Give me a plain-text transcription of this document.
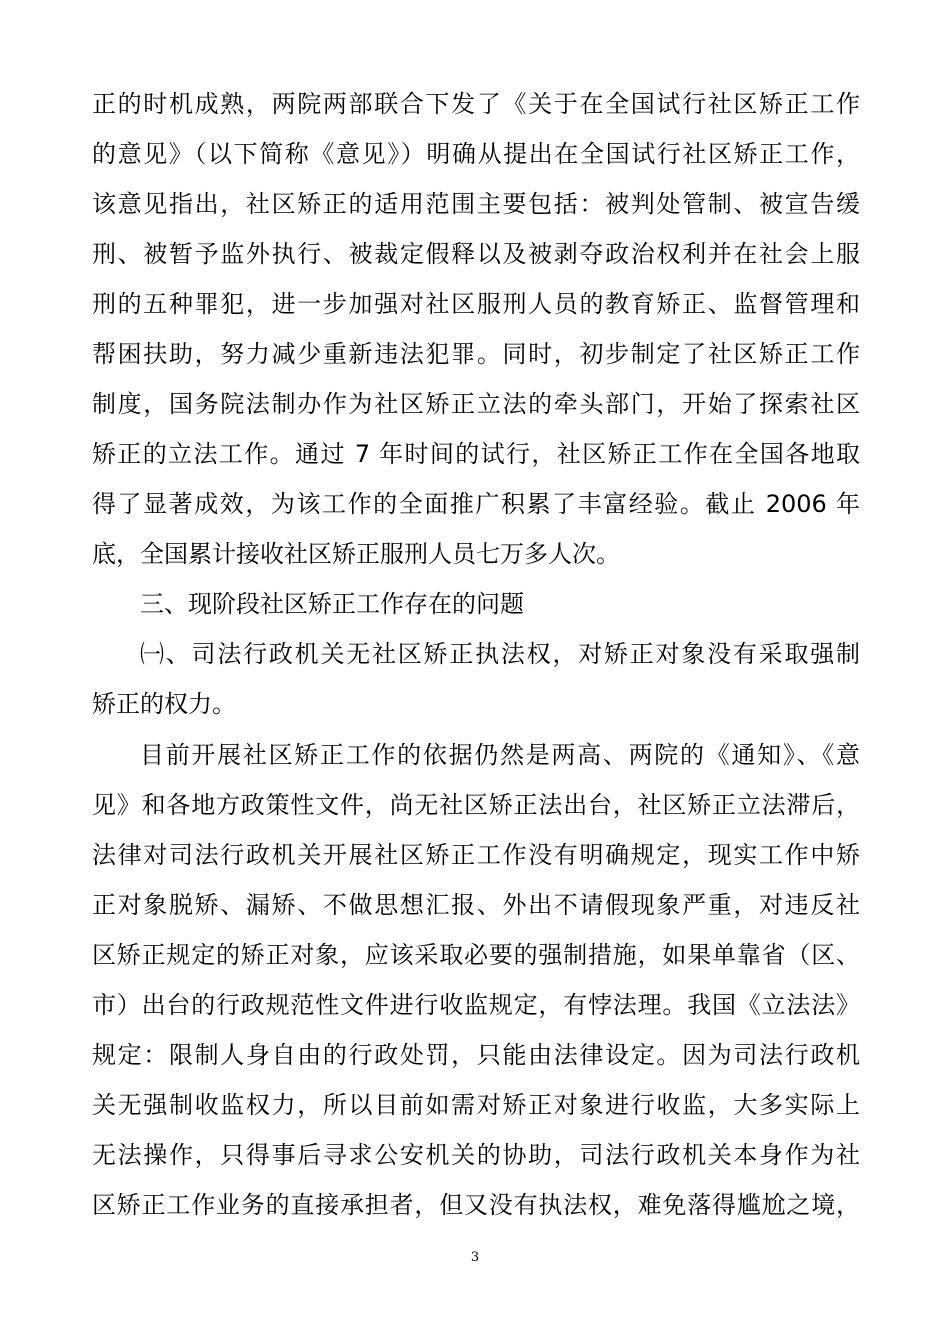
正的时机成熟，两院两部联合下发了《关于在全国试行社区矫正工作
的意见》（以下简称《意见》）明确从提出在全国试行社区矫正工作，
该意见指出，社区矫正的适用范围主要包括：被判处管制、被宣告缓
刑、被暂予监外执行、被裁定假释以及被剥夺政治权利并在社会上服
刑的五种罪犯，进一步加强对社区服刑人员的教育矫正、监督管理和
帮困扶助，努力减少重新违法犯罪。同时，初步制定了社区矫正工作
制度，国务院法制办作为社区矫正立法的牵头部门，开始了探索社区
矫正的立法工作。通过 7 年时间的试行，社区矫正工作在全国各地取
得了显著成效，为该工作的全面推广积累了丰富经验。截止 2006 年
底，全国累计接收社区矫正服刑人员七万多人次。
三、现阶段社区矫正工作存在的问题
㈠、司法行政机关无社区矫正执法权，对矫正对象没有采取强制
矫正的权力。
目前开展社区矫正工作的依据仍然是两高、两院的《通知》、《意
见》和各地方政策性文件，尚无社区矫正法出台，社区矫正立法滞后，
法律对司法行政机关开展社区矫正工作没有明确规定，现实工作中矫
正对象脱矫、漏矫、不做思想汇报、外出不请假现象严重，对违反社
区矫正规定的矫正对象，应该采取必要的强制措施，如果单靠省（区、
市）出台的行政规范性文件进行收监规定，有悖法理。我国《立法法》
规定：限制人身自由的行政处罚，只能由法律设定。因为司法行政机
关无强制收监权力，所以目前如需对矫正对象进行收监，大多实际上
无法操作，只得事后寻求公安机关的协助，司法行政机关本身作为社
区矫正工作业务的直接承担者，但又没有执法权，难免落得尴尬之境，
3
